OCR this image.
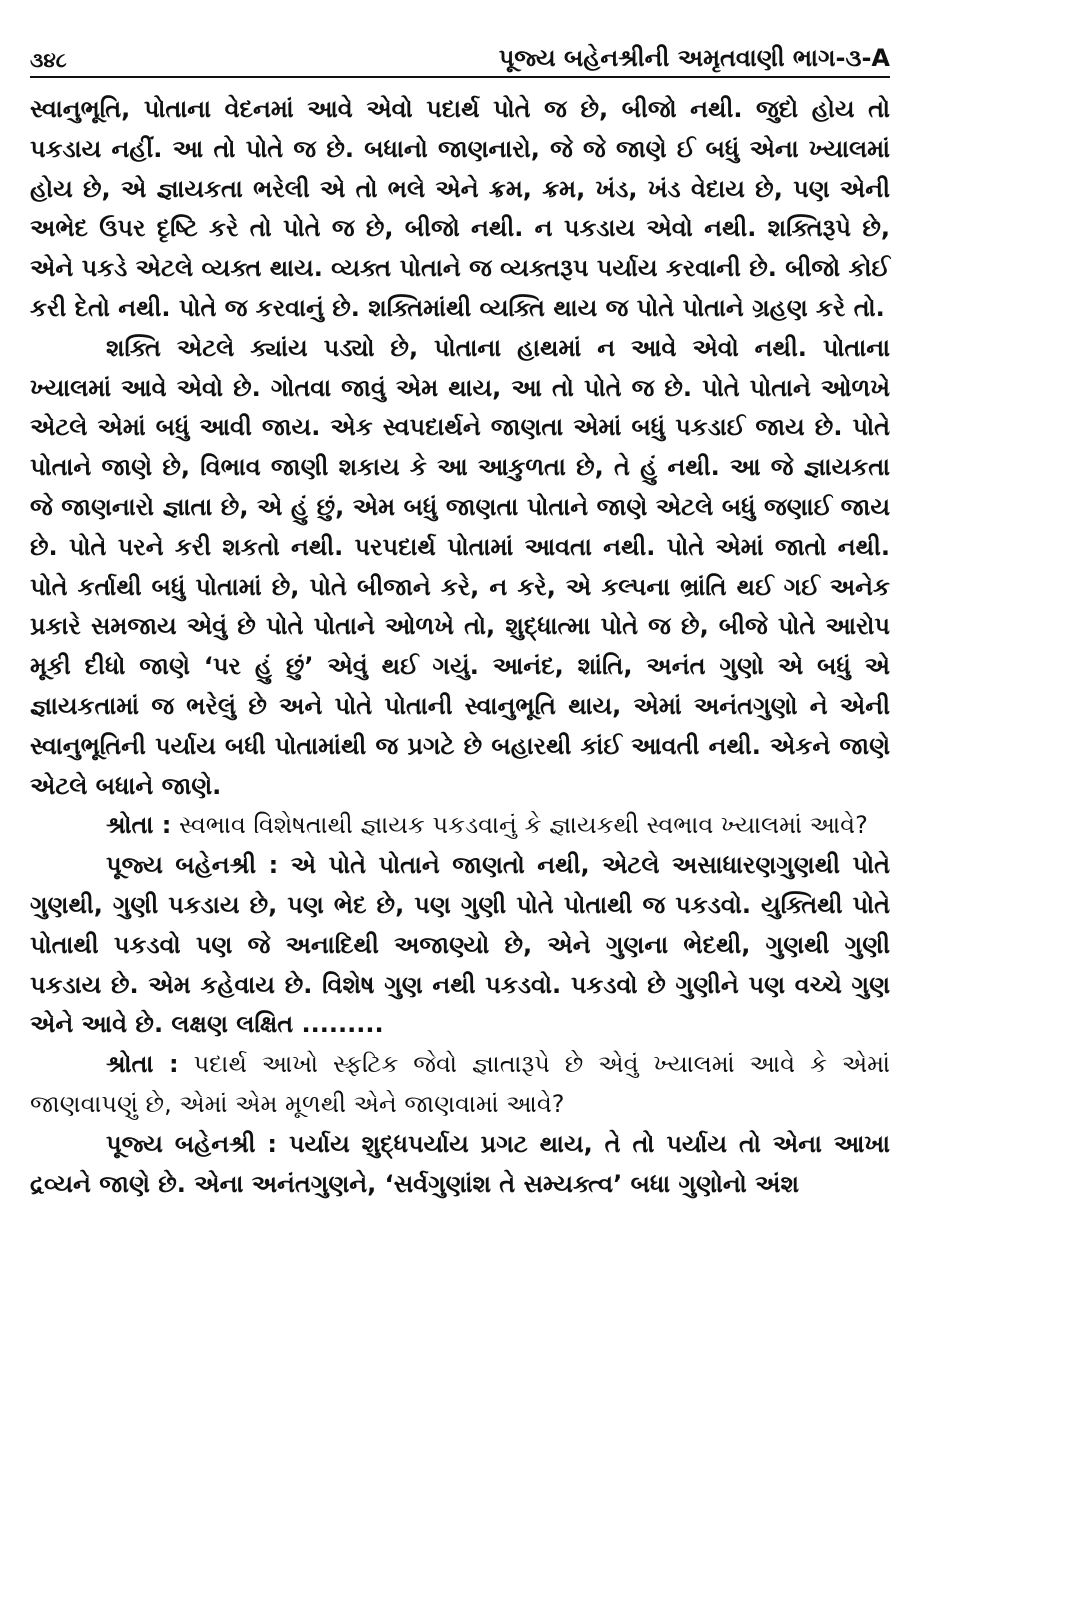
૩૪૮	પૂજ્ય બહેનશ્રીની અમૃતવાણી ભાગ-૩-A

સ્વાનુભૂતિ, પોતાના વેદનમાં આવે એવો પદાર્થ પોતે જ છે, બીજો નથી. જુદો હોય તો પકડાય નહીં. આ તો પોતે જ છે. બધાનો જાણનારો, જે જે જાણે ઈ બધું એના ખ્યાલમાં હોય છે, એ જ્ઞાયકતા ભરેલી એ તો ભલે એને ક્રમ, ક્રમ, ખંડ, ખંડ વેદાય છે, પણ એની અભેદ ઉપર દૃષ્ટિ કરે તો પોતે જ છે, બીજો નથી. ન પકડાય એવો નથી. શક્તિરૂપે છે, એને પકડે એટલે વ્યક્ત થાય. વ્યક્ત પોતાને જ વ્યક્તરૂપ પર્યાય કરવાની છે. બીજો કોઈ કરી દેતો નથી. પોતે જ કરવાનું છે. શક્તિમાંથી વ્યક્તિ થાય જ પોતે પોતાને ગ્રહણ કરે તો.

શક્તિ એટલે ક્યાંય પડ્યો છે, પોતાના હાથમાં ન આવે એવો નથી. પોતાના ખ્યાલમાં આવે એવો છે. ગોતવા જાવું એમ થાય, આ તો પોતે જ છે. પોતે પોતાને ઓળખે એટલે એમાં બધું આવી જાય. એક સ્વપદાર્થને જાણતા એમાં બધું પકડાઈ જાય છે. પોતે પોતાને જાણે છે, વિભાવ જાણી શકાય કે આ આકુળતા છે, તે હું નથી. આ જે જ્ઞાયકતા જે જાણનારો જ્ઞાતા છે, એ હું છું, એમ બધું જાણતા પોતાને જાણે એટલે બધું જણાઈ જાય છે. પોતે પરને કરી શકતો નથી. પરપદાર્થ પોતામાં આવતા નથી. પોતે એમાં જાતો નથી. પોતે કર્તાથી બધું પોતામાં છે, પોતે બીજાને કરે, ન કરે, એ કલ્પના ભ્રાંતિ થઈ ગઈ અનેક પ્રકારે સમજાય એવું છે પોતે પોતાને ઓળખે તો, શુદ્ધાત્મા પોતે જ છે, બીજે પોતે આરોપ મૂકી દીધો જાણે ‘પર હું છું’ એવું થઈ ગયું. આનંદ, શાંતિ, અનંત ગુણો એ બધું એ જ્ઞાયકતામાં જ ભરેલું છે અને પોતે પોતાની સ્વાનુભૂતિ થાય, એમાં અનંતગુણો ને એની સ્વાનુભૂતિની પર્યાય બધી પોતામાંથી જ પ્રગટે છે બહારથી કાંઈ આવતી નથી. એકને જાણે એટલે બધાને જાણે.

શ્રોતા : સ્વભાવ વિશેષતાથી જ્ઞાયક પકડવાનું કે જ્ઞાયકથી સ્વભાવ ખ્યાલમાં આવે?

પૂજ્ય બહેનશ્રી : એ પોતે પોતાને જાણતો નથી, એટલે અસાધારણગુણથી પોતે ગુણથી, ગુણી પકડાય છે, પણ ભેદ છે, પણ ગુણી પોતે પોતાથી જ પકડવો. યુક્તિથી પોતે પોતાથી પકડવો પણ જે અનાદિથી અજાણ્યો છે, એને ગુણના ભેદથી, ગુણથી ગુણી પકડાય છે. એમ કહેવાય છે. વિશેષ ગુણ નથી પકડવો. પકડવો છે ગુણીને પણ વચ્ચે ગુણ એને આવે છે. લક્ષણ લક્ષિત .........

શ્રોતા : પદાર્થ આખો સ્ફટિક જેવો જ્ઞાતારૂપે છે એવું ખ્યાલમાં આવે કે એમાં જાણવાપણું છે, એમાં એમ મૂળથી એને જાણવામાં આવે?

પૂજ્ય બહેનશ્રી : પર્યાય શુદ્ધપર્યાય પ્રગટ થાય, તે તો પર્યાય તો એના આખા દ્રવ્યને જાણે છે. એના અનંતગુણને, ‘સર્વગુણાંશ તે સમ્યક્ત્વ’ બધા ગુણોનો અંશ
